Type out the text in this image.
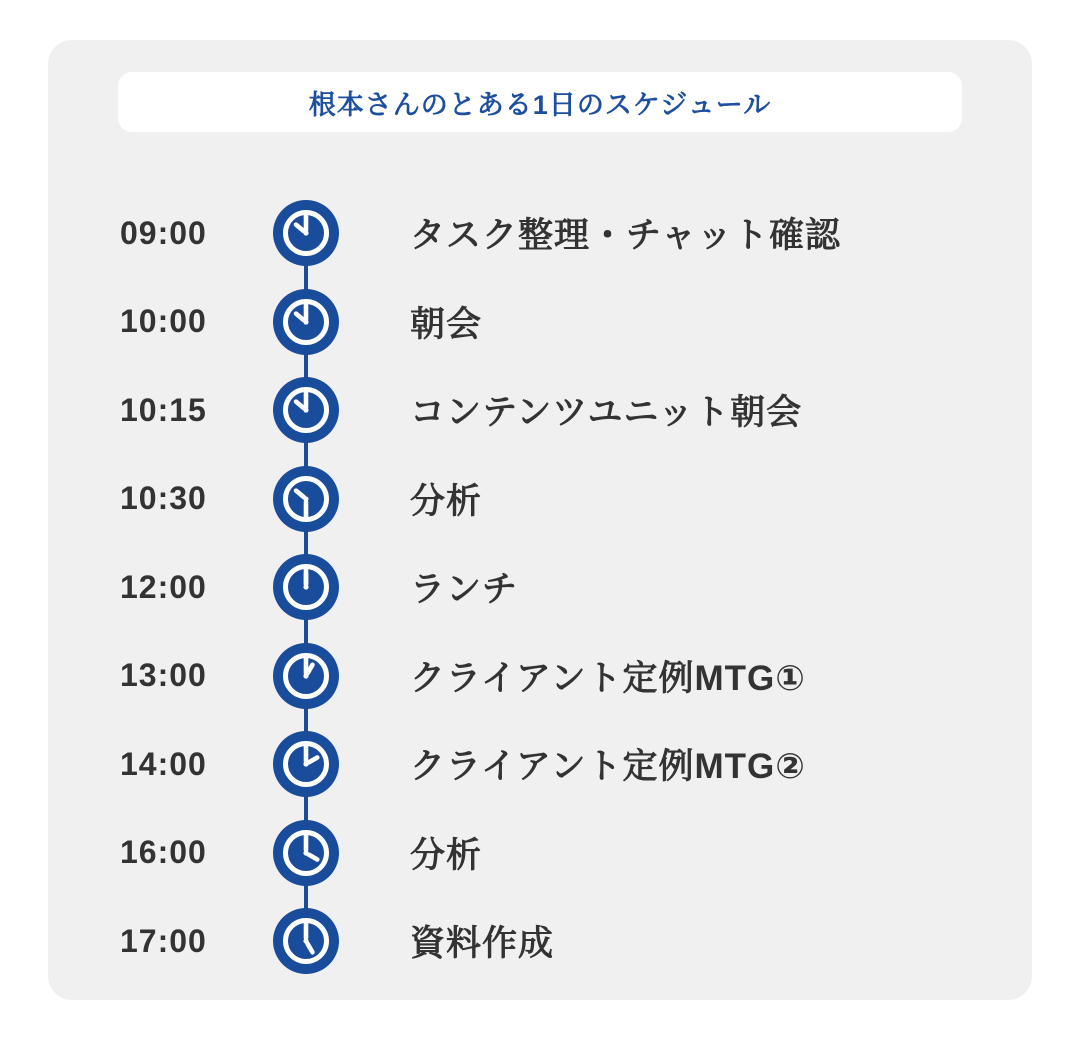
根本さんのとある1日のスケジュール
09:00	タスク整理・チャット確認
10:00	朝会
10:15	コンテンツユニット朝会
10:30	分析
12:00	ランチ
13:00	クライアント定例MTG①
14:00	クライアント定例MTG②
16:00	分析
17:00	資料作成
